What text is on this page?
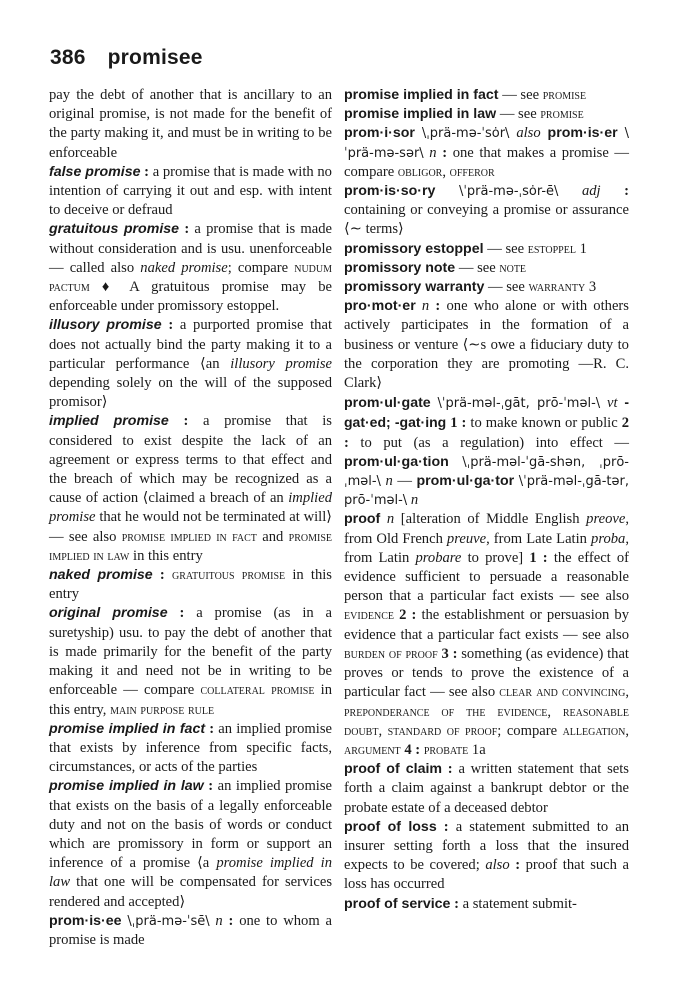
386 promisee
pay the debt of another that is ancillary to an original promise, is not made for the benefit of the party making it, and must be in writing to be enforceable
false promise : a promise that is made with no intention of carrying it out and esp. with intent to deceive or defraud
gratuitous promise : a promise that is made without consideration and is usu. unenforceable — called also naked promise; compare nudum pactum ♦ A gratuitous promise may be enforceable under promissory estoppel.
illusory promise : a purported promise that does not actually bind the party making it to a particular performance ⟨an illusory promise depending solely on the will of the supposed promisor⟩
implied promise : a promise that is considered to exist despite the lack of an agreement or express terms to that effect and the breach of which may be recognized as a cause of action ⟨claimed a breach of an implied promise that he would not be terminated at will⟩ — see also promise implied in fact and promise implied in law in this entry
naked promise : gratuitous promise in this entry
original promise : a promise (as in a suretyship) usu. to pay the debt of another that is made primarily for the benefit of the party making it and need not be in writing to be enforceable — compare collateral promise in this entry, main purpose rule
promise implied in fact : an implied promise that exists by inference from specific facts, circumstances, or acts of the parties
promise implied in law : an implied promise that exists on the basis of a legally enforceable duty and not on the basis of words or conduct which are promissory in form or support an inference of a promise ⟨a promise implied in law that one will be compensated for services rendered and accepted⟩
prom·is·ee \ˌprä-mə-ˈsē\ n : one to whom a promise is made
promise implied in fact — see promise
promise implied in law — see promise
prom·i·sor \ˌprä-mə-ˈsȯr\ also prom·is·er \ˈprä-mə-sər\ n : one that makes a promise — compare obligor, offeror
prom·is·so·ry \ˈprä-mə-ˌsȯr-ē\ adj : containing or conveying a promise or assurance ⟨∼ terms⟩
promissory estoppel — see estoppel 1
promissory note — see note
promissory warranty — see warranty 3
pro·mot·er n : one who alone or with others actively participates in the formation of a business or venture ⟨∼s owe a fiduciary duty to the corporation they are promoting —R. C. Clark⟩
prom·ul·gate \ˈprä-məl-ˌgāt, prō-ˈməl-\ vt -gat·ed; -gat·ing 1 : to make known or public 2 : to put (as a regulation) into effect — prom·ul·ga·tion \ˌprä-məl-ˈgā-shən, ˌprō-ˌməl-\ n — prom·ul·ga·tor \ˈprä-məl-ˌgā-tər, prō-ˈməl-\ n
proof n [alteration of Middle English preove, from Old French preuve, from Late Latin proba, from Latin probare to prove] 1 : the effect of evidence sufficient to persuade a reasonable person that a particular fact exists — see also evidence 2 : the establishment or persuasion by evidence that a particular fact exists — see also burden of proof 3 : something (as evidence) that proves or tends to prove the existence of a particular fact — see also clear and convincing, preponderance of the evidence, reasonable doubt, standard of proof; compare allegation, argument 4 : probate 1a
proof of claim : a written statement that sets forth a claim against a bankrupt debtor or the probate estate of a deceased debtor
proof of loss : a statement submitted to an insurer setting forth a loss that the insured expects to be covered; also : proof that such a loss has occurred
proof of service : a statement submit-
